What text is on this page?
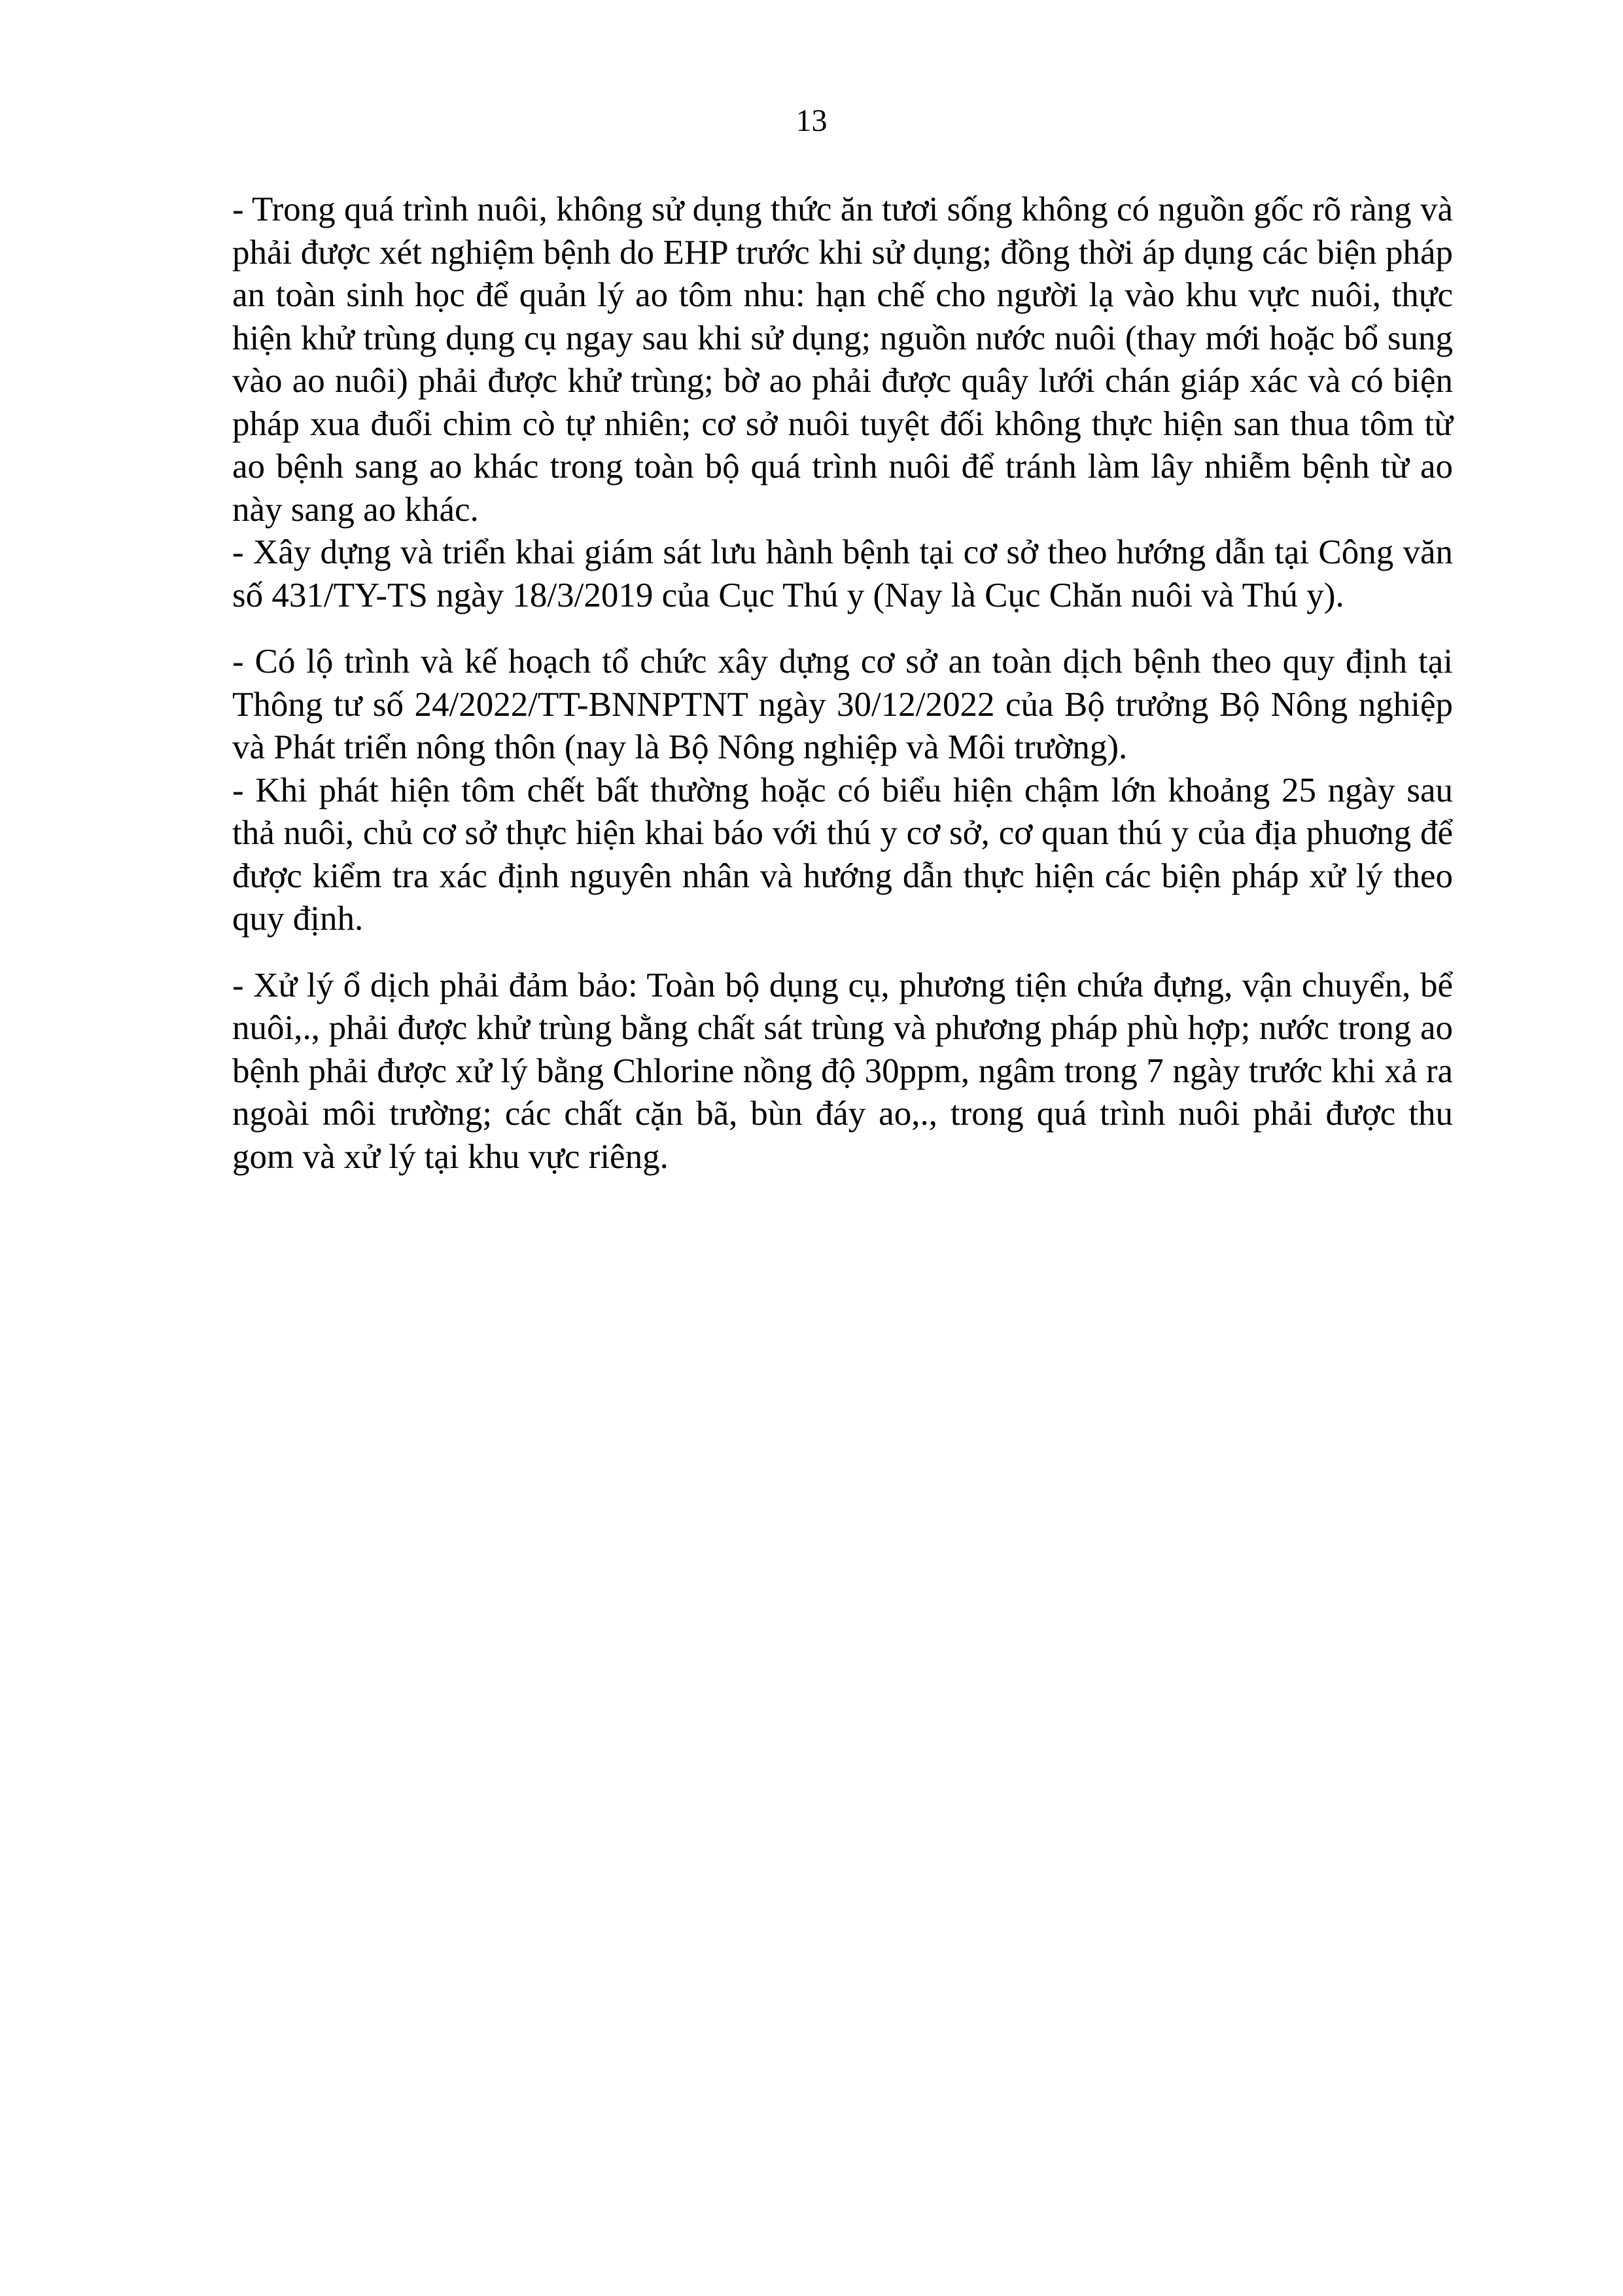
13

- Trong quá trình nuôi, không sử dụng thức ăn tươi sống không có nguồn gốc rõ ràng và phải được xét nghiệm bệnh do EHP trước khi sử dụng; đồng thời áp dụng các biện pháp an toàn sinh học để quản lý ao tôm nhu: hạn chế cho người lạ vào khu vực nuôi, thực hiện khử trùng dụng cụ ngay sau khi sử dụng; nguồn nước nuôi (thay mới hoặc bổ sung vào ao nuôi) phải được khử trùng; bờ ao phải được quây lưới chán giáp xác và có biện pháp xua đuổi chim cò tự nhiên; cơ sở nuôi tuyệt đối không thực hiện san thua tôm từ ao bệnh sang ao khác trong toàn bộ quá trình nuôi để tránh làm lây nhiễm bệnh từ ao này sang ao khác.

- Xây dựng và triển khai giám sát lưu hành bệnh tại cơ sở theo hướng dẫn tại Công văn số 431/TY-TS ngày 18/3/2019 của Cục Thú y (Nay là Cục Chăn nuôi và Thú y).

- Có lộ trình và kế hoạch tổ chức xây dựng cơ sở an toàn dịch bệnh theo quy định tại Thông tư số 24/2022/TT-BNNPTNT ngày 30/12/2022 của Bộ trưởng Bộ Nông nghiệp và Phát triển nông thôn (nay là Bộ Nông nghiệp và Môi trường).

- Khi phát hiện tôm chết bất thường hoặc có biểu hiện chậm lớn khoảng 25 ngày sau thả nuôi, chủ cơ sở thực hiện khai báo với thú y cơ sở, cơ quan thú y của địa phuơng để được kiểm tra xác định nguyên nhân và hướng dẫn thực hiện các biện pháp xử lý theo quy định.

- Xử lý ổ dịch phải đảm bảo: Toàn bộ dụng cụ, phương tiện chứa đựng, vận chuyển, bể nuôi,., phải được khử trùng bằng chất sát trùng và phương pháp phù hợp; nước trong ao bệnh phải được xử lý bằng Chlorine nồng độ 30ppm, ngâm trong 7 ngày trước khi xả ra ngoài môi trường; các chất cặn bã, bùn đáy ao,., trong quá trình nuôi phải được thu gom và xử lý tại khu vực riêng.
